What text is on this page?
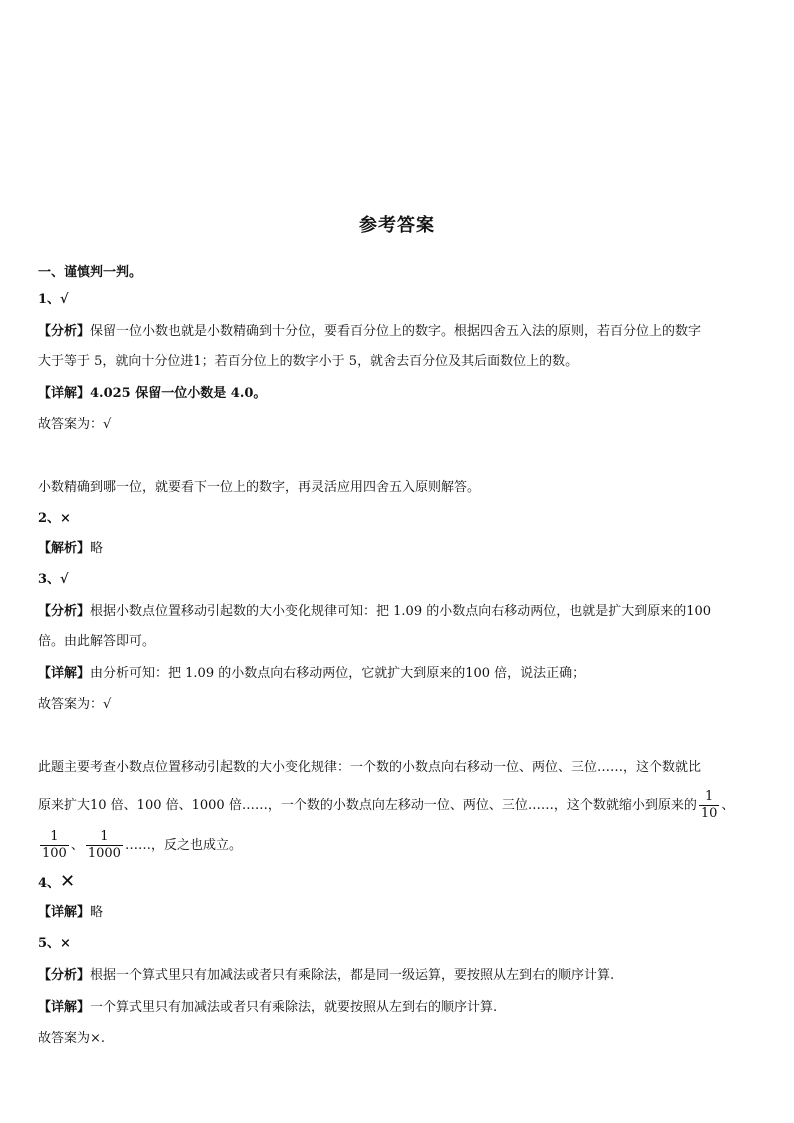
参考答案
一、谨慎判一判。
1、√
【分析】保留一位小数也就是小数精确到十分位，要看百分位上的数字。根据四舍五入法的原则，若百分位上的数字
大于等于 5，就向十分位进1；若百分位上的数字小于 5，就舍去百分位及其后面数位上的数。
【详解】4.025 保留一位小数是 4.0。
故答案为：√
小数精确到哪一位，就要看下一位上的数字，再灵活应用四舍五入原则解答。
2、×
【解析】略
3、√
【分析】根据小数点位置移动引起数的大小变化规律可知：把 1.09 的小数点向右移动两位，也就是扩大到原来的100
倍。由此解答即可。
【详解】由分析可知：把 1.09 的小数点向右移动两位，它就扩大到原来的100 倍，说法正确；
故答案为：√
此题主要考查小数点位置移动引起数的大小变化规律：一个数的小数点向右移动一位、两位、三位……，这个数就比
原来扩大10 倍、100 倍、1000 倍……，一个数的小数点向左移动一位、两位、三位……，这个数就缩小到原来的 $\frac{1}{10}$ 、
$\frac{1}{100}$ 、 $\frac{1}{1000}$ ……，反之也成立。
4、✕
【详解】略
5、×
【分析】根据一个算式里只有加减法或者只有乘除法，都是同一级运算，要按照从左到右的顺序计算.
【详解】一个算式里只有加减法或者只有乘除法，就要按照从左到右的顺序计算.
故答案为×.
